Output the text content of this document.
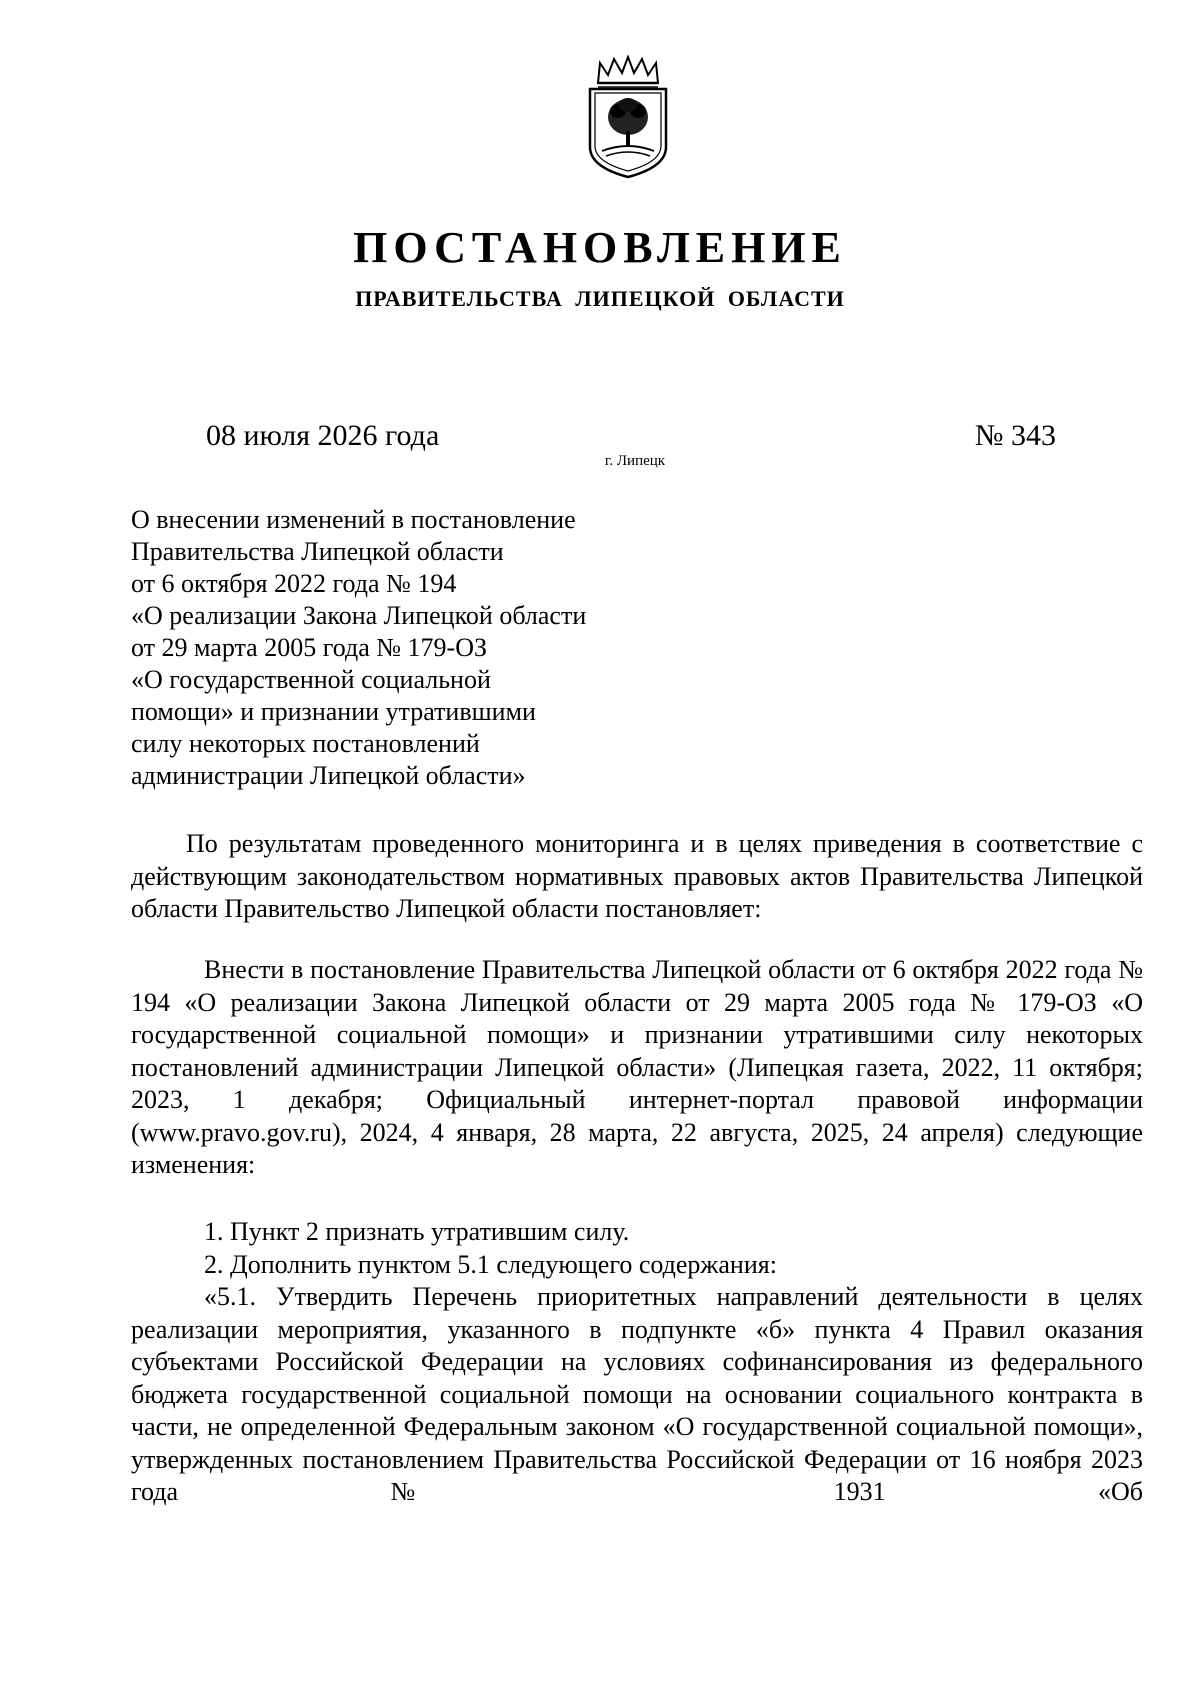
ПОСТАНОВЛЕНИЕ
ПРАВИТЕЛЬСТВА ЛИПЕЦКОЙ ОБЛАСТИ
08 июля 2026 года	№ 343
г. Липецк
О внесении изменений в постановление
Правительства Липецкой области
от 6 октября 2022 года № 194
«О реализации Закона Липецкой области
от 29 марта 2005 года № 179-ОЗ
«О государственной социальной
помощи» и признании утратившими
силу некоторых постановлений
администрации Липецкой области»

По результатам проведенного мониторинга и в целях приведения в соответствие с действующим законодательством нормативных правовых актов Правительства Липецкой области Правительство Липецкой области постановляет:

Внести в постановление Правительства Липецкой области от 6 октября 2022 года № 194 «О реализации Закона Липецкой области от 29 марта 2005 года № 179-ОЗ «О государственной социальной помощи» и признании утратившими силу некоторых постановлений администрации Липецкой области» (Липецкая газета, 2022, 11 октября; 2023, 1 декабря; Официальный интернет-портал правовой информации (www.pravo.gov.ru), 2024, 4 января, 28 марта, 22 августа, 2025, 24 апреля) следующие изменения:

1. Пункт 2 признать утратившим силу.

2. Дополнить пунктом 5.1 следующего содержания:

«5.1. Утвердить Перечень приоритетных направлений деятельности в целях реализации мероприятия, указанного в подпункте «б» пункта 4 Правил оказания субъектами Российской Федерации на условиях софинансирования из федерального бюджета государственной социальной помощи на основании социального контракта в части, не определенной Федеральным законом «О государственной социальной помощи», утвержденных постановлением Правительства Российской Федерации от 16 ноября 2023 года № 1931 «Об
